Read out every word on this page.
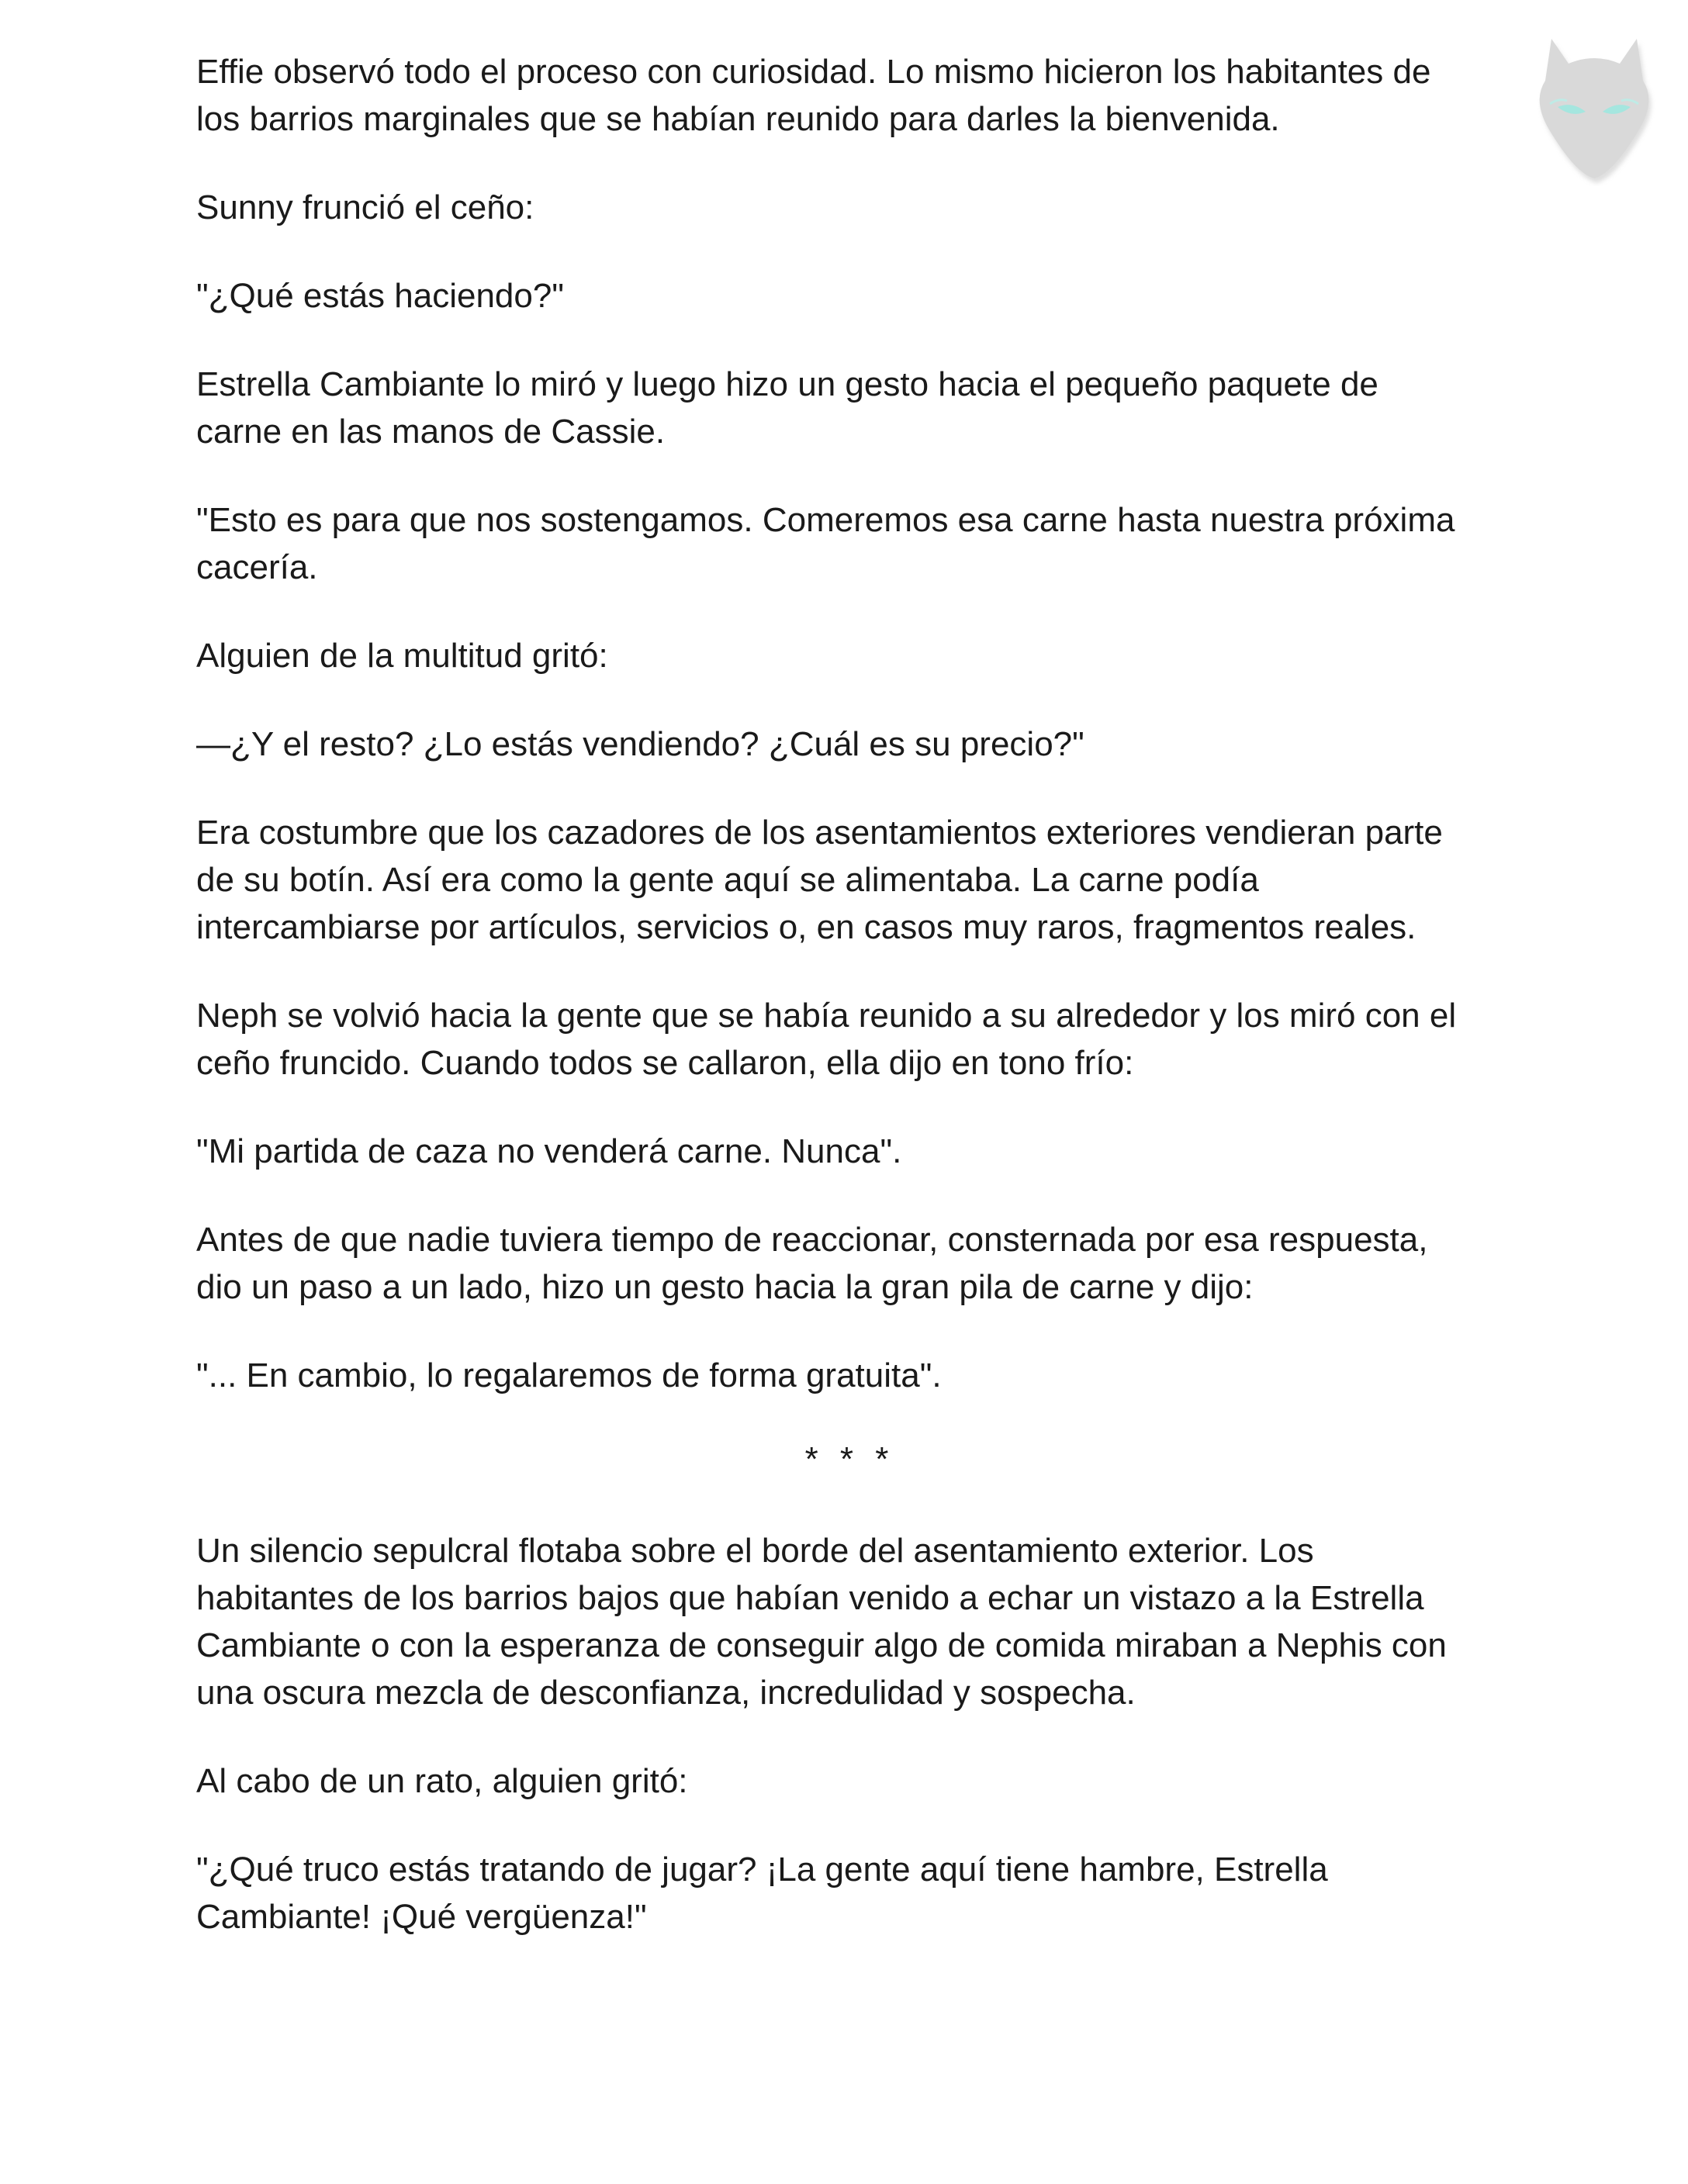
Effie observó todo el proceso con curiosidad. Lo mismo hicieron los habitantes de los barrios marginales que se habían reunido para darles la bienvenida.

Sunny frunció el ceño:

"¿Qué estás haciendo?"

Estrella Cambiante lo miró y luego hizo un gesto hacia el pequeño paquete de carne en las manos de Cassie.

"Esto es para que nos sostengamos. Comeremos esa carne hasta nuestra próxima cacería.

Alguien de la multitud gritó:

—¿Y el resto? ¿Lo estás vendiendo? ¿Cuál es su precio?"

Era costumbre que los cazadores de los asentamientos exteriores vendieran parte de su botín. Así era como la gente aquí se alimentaba. La carne podía intercambiarse por artículos, servicios o, en casos muy raros, fragmentos reales.

Neph se volvió hacia la gente que se había reunido a su alrededor y los miró con el ceño fruncido. Cuando todos se callaron, ella dijo en tono frío:

"Mi partida de caza no venderá carne. Nunca".

Antes de que nadie tuviera tiempo de reaccionar, consternada por esa respuesta, dio un paso a un lado, hizo un gesto hacia la gran pila de carne y dijo:

"... En cambio, lo regalaremos de forma gratuita".

* * *

Un silencio sepulcral flotaba sobre el borde del asentamiento exterior. Los habitantes de los barrios bajos que habían venido a echar un vistazo a la Estrella Cambiante o con la esperanza de conseguir algo de comida miraban a Nephis con una oscura mezcla de desconfianza, incredulidad y sospecha.

Al cabo de un rato, alguien gritó:

"¿Qué truco estás tratando de jugar? ¡La gente aquí tiene hambre, Estrella Cambiante! ¡Qué vergüenza!"
